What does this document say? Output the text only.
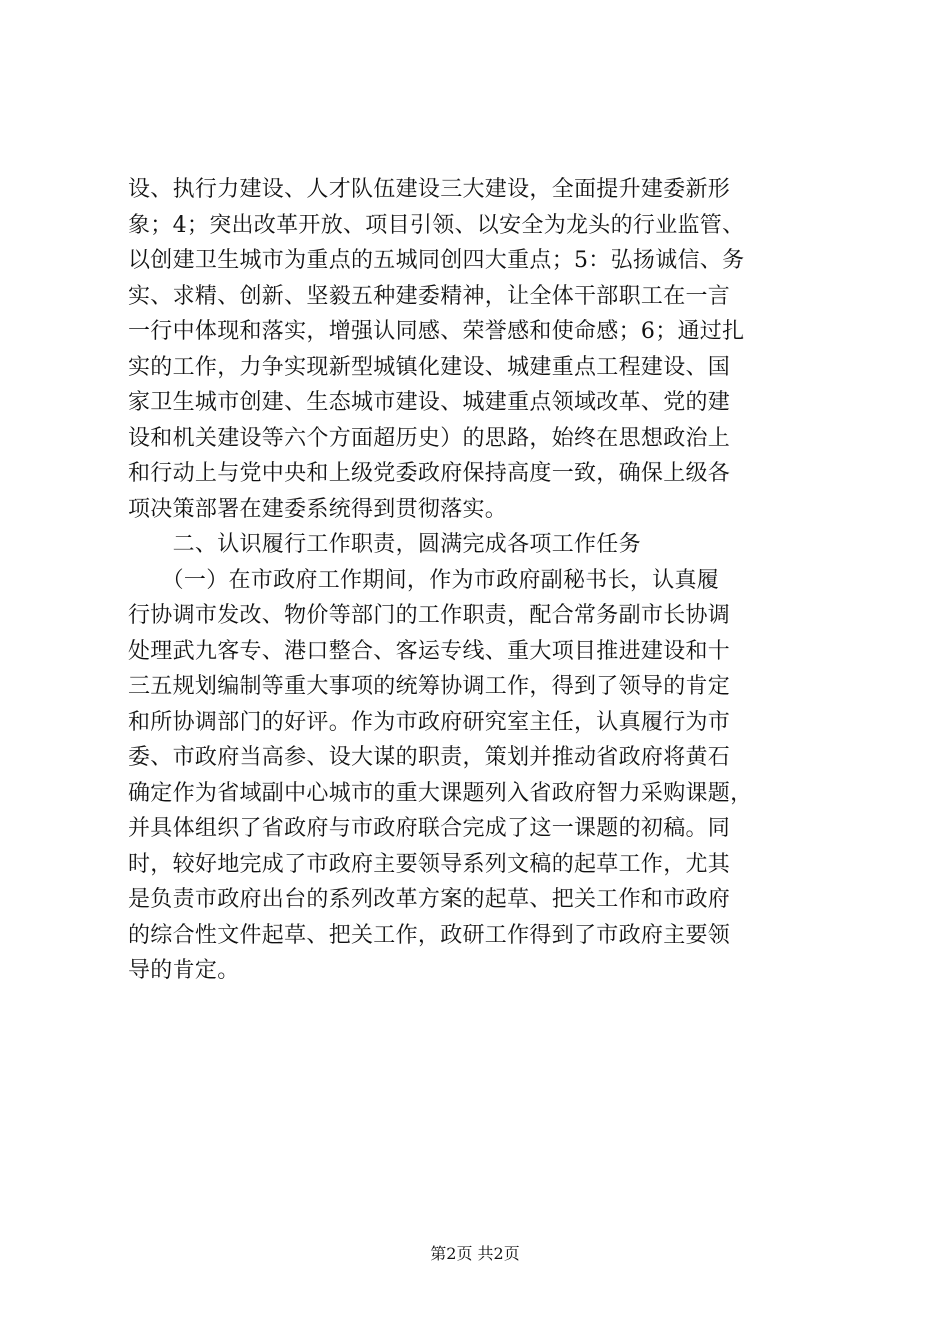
设、执行力建设、人才队伍建设三大建设，全面提升建委新形
象；4；突出改革开放、项目引领、以安全为龙头的行业监管、
以创建卫生城市为重点的五城同创四大重点；5：弘扬诚信、务
实、求精、创新、坚毅五种建委精神，让全体干部职工在一言
一行中体现和落实，增强认同感、荣誉感和使命感；6；通过扎
实的工作，力争实现新型城镇化建设、城建重点工程建设、国
家卫生城市创建、生态城市建设、城建重点领域改革、党的建
设和机关建设等六个方面超历史）的思路，始终在思想政治上
和行动上与党中央和上级党委政府保持高度一致，确保上级各
项决策部署在建委系统得到贯彻落实。
　　二、认识履行工作职责，圆满完成各项工作任务
　　（一）在市政府工作期间，作为市政府副秘书长，认真履
行协调市发改、物价等部门的工作职责，配合常务副市长协调
处理武九客专、港口整合、客运专线、重大项目推进建设和十
三五规划编制等重大事项的统筹协调工作，得到了领导的肯定
和所协调部门的好评。作为市政府研究室主任，认真履行为市
委、市政府当高参、设大谋的职责，策划并推动省政府将黄石
确定作为省域副中心城市的重大课题列入省政府智力采购课题，
并具体组织了省政府与市政府联合完成了这一课题的初稿。同
时，较好地完成了市政府主要领导系列文稿的起草工作，尤其
是负责市政府出台的系列改革方案的起草、把关工作和市政府
的综合性文件起草、把关工作，政研工作得到了市政府主要领
导的肯定。
第2页 共2页
